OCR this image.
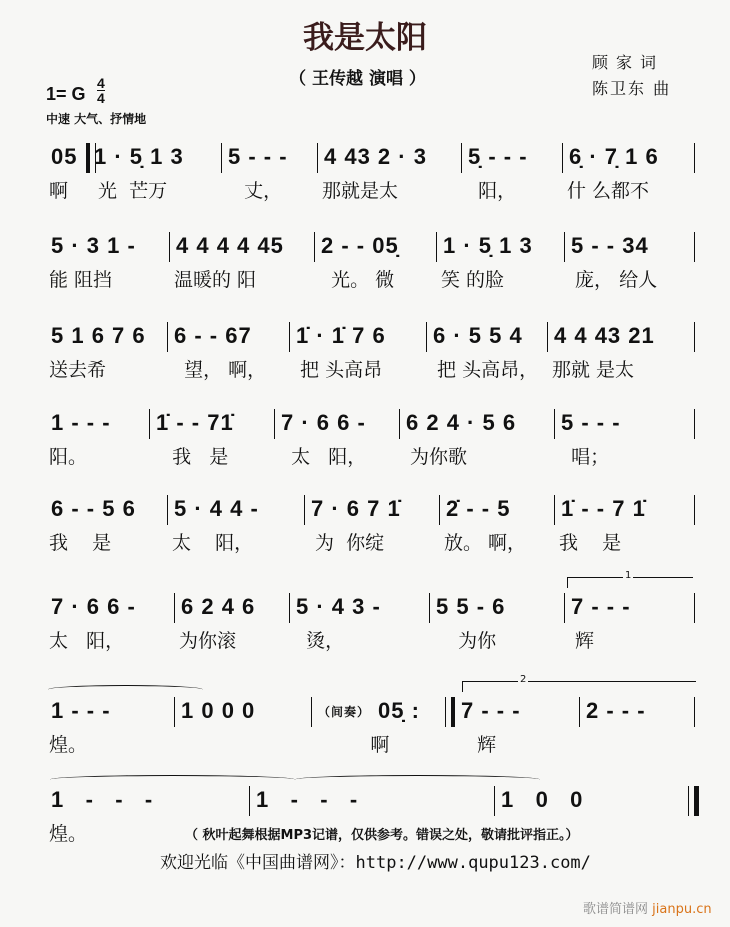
我是太阳
（ 王传越 演唱 ）
顾家词
陈卫东 曲
1= G
4
4
中速 大气、抒情地
05
啊
1 · 5̣ 1 3
光  芒万
5 - - -
丈，
4 43 2 · 3
那就是太
5̣ - - -
阳，
6̣ · 7̣ 1 6
什 么都不
5 · 3 1 -
能 阻挡
4 4 4 4 45
温暖的 阳
2 - - 05̣
光。 微
1 · 5̣ 1 3
笑 的脸
5 - - 34
庞， 给人
5 1 6 7 6
送去希
6 - - 67
望， 啊，
1̇ · 1̇ 7 6
把 头高昂
6 · 5 5 4
把 头高昂，
4 4 43 21
那就 是太
1 - - -
阳。
1̇ - - 71̇
我   是
7 · 6 6 -
太   阳，
6 2 4 · 5 6
为你歌
5 - - -
唱；
6 - - 5 6
我    是
5 · 4 4 -
太    阳，
7 · 6 7 1̇
为  你绽
2̇ - - 5
放。 啊，
1̇ - - 7 1̇
我    是
7 · 6 6 -
太   阳，
6 2 4 6
为你滚
5 · 4 3 -
烫，
5 5 - 6
为你
7 - - -
辉
1 - - -
煌。
1 0 0 0	（间奏） 05̣ :
啊
7 - - -
辉
2 - - -
1   -   -   -
煌。
1   -   -   -	1   0   0
1
2
（ 秋叶起舞根据MP3记谱，仅供参考。错误之处，敬请批评指正。）
欢迎光临《中国曲谱网》：http://www.qupu123.com/
歌谱简谱网 jianpu.cn
